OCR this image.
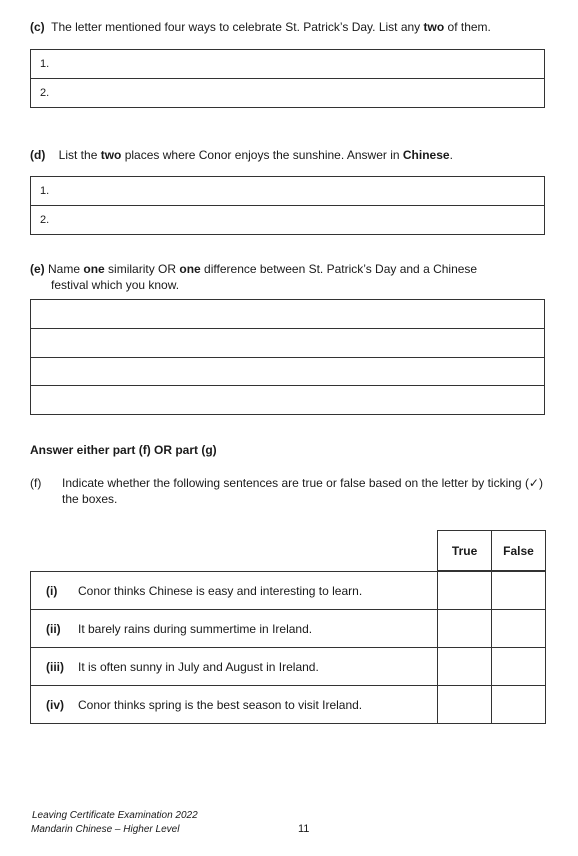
(c) The letter mentioned four ways to celebrate St. Patrick’s Day. List any two of them.
1.
2.
(d) List the two places where Conor enjoys the sunshine. Answer in Chinese.
1.
2.
(e) Name one similarity OR one difference between St. Patrick’s Day and a Chinese
festival which you know.
Answer either part (f) OR part (g)
(f) Indicate whether the following sentences are true or false based on the letter by ticking (✓)
the boxes.
	True	False

(i) Conor thinks Chinese is easy and interesting to learn.		
(ii) It barely rains during summertime in Ireland.		
(iii) It is often sunny in July and August in Ireland.		
(iv) Conor thinks spring is the best season to visit Ireland.		
Leaving Certificate Examination 2022
Mandarin Chinese – Higher Level	11
